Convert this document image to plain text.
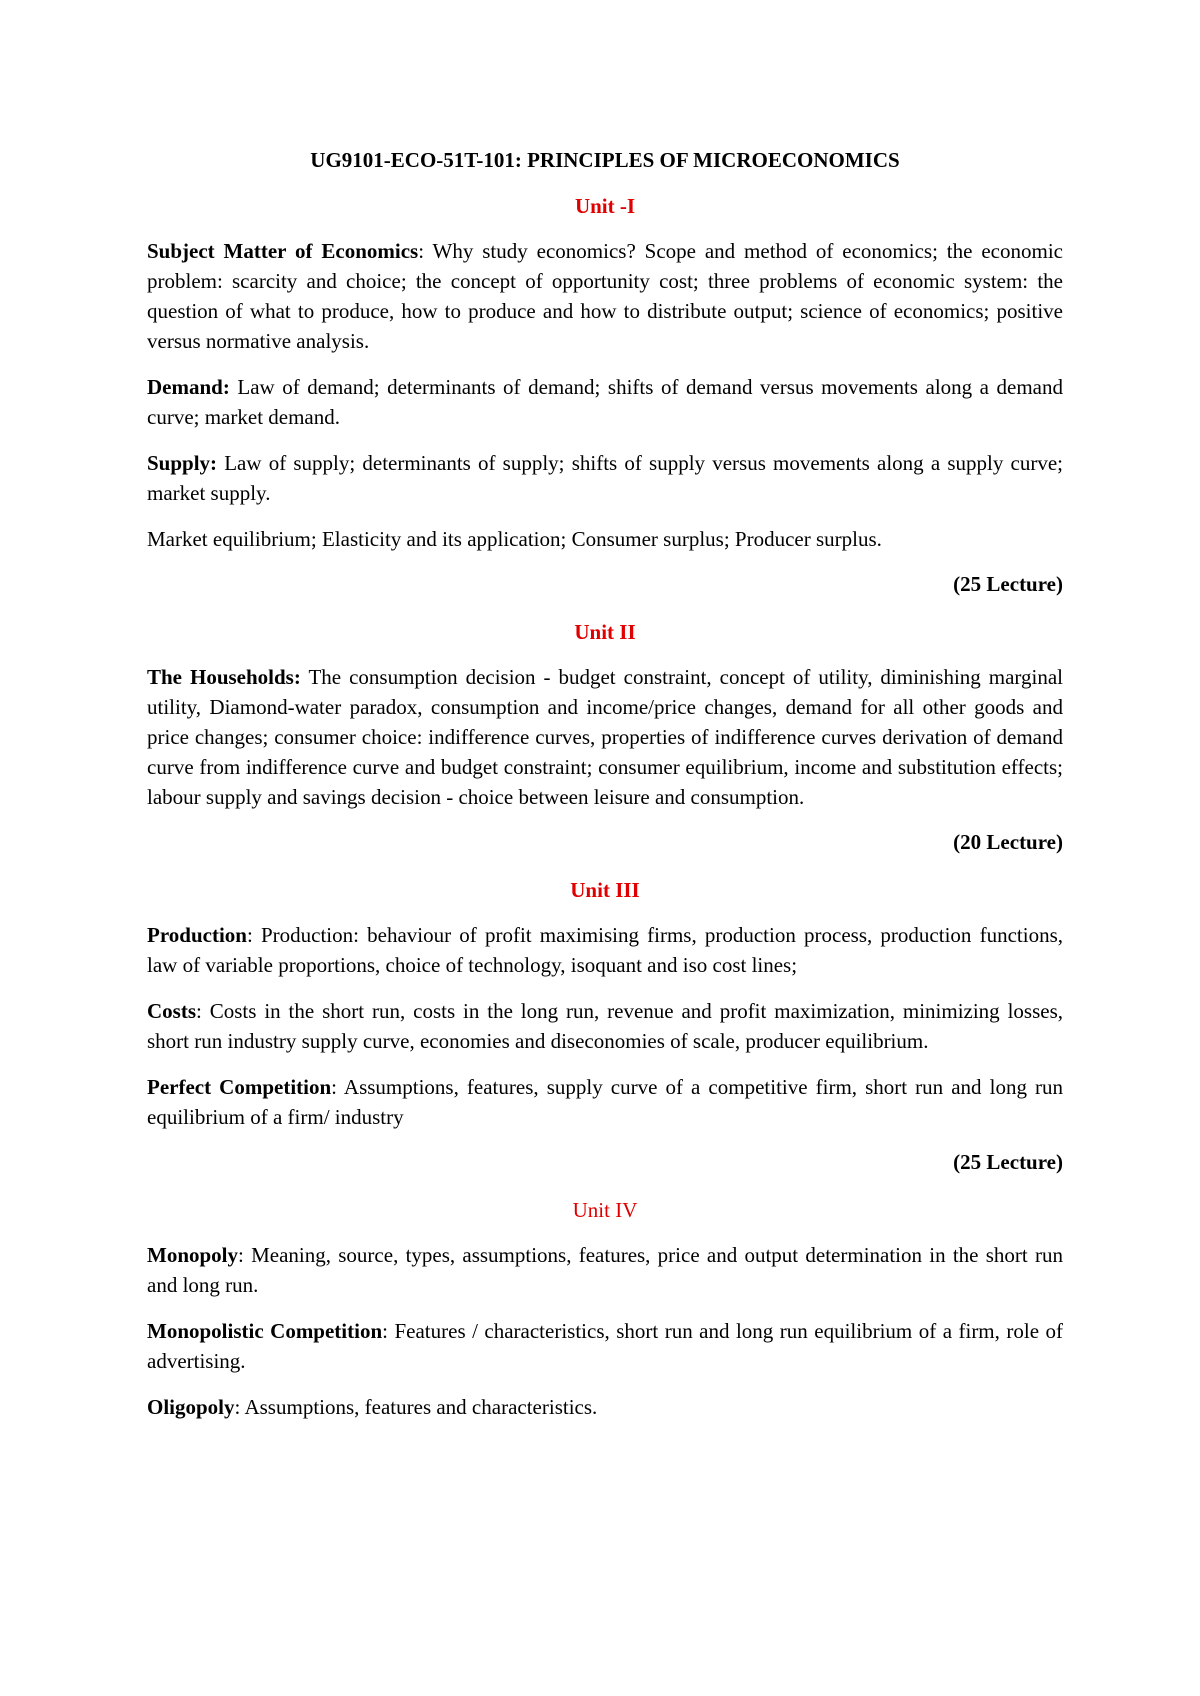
UG9101-ECO-51T-101: PRINCIPLES OF MICROECONOMICS
Unit -I

Subject Matter of Economics: Why study economics? Scope and method of economics; the economic problem: scarcity and choice; the concept of opportunity cost; three problems of economic system: the question of what to produce, how to produce and how to distribute output; science of economics; positive versus normative analysis.

Demand: Law of demand; determinants of demand; shifts of demand versus movements along a demand curve; market demand.

Supply: Law of supply; determinants of supply; shifts of supply versus movements along a supply curve; market supply.

Market equilibrium; Elasticity and its application; Consumer surplus; Producer surplus.

(25 Lecture)
Unit II

The Households: The consumption decision - budget constraint, concept of utility, diminishing marginal utility, Diamond-water paradox, consumption and income/price changes, demand for all other goods and price changes; consumer choice: indifference curves, properties of indifference curves derivation of demand curve from indifference curve and budget constraint; consumer equilibrium, income and substitution effects; labour supply and savings decision - choice between leisure and consumption.

(20 Lecture)
Unit III

Production: Production: behaviour of profit maximising firms, production process, production functions, law of variable proportions, choice of technology, isoquant and iso cost lines;

Costs: Costs in the short run, costs in the long run, revenue and profit maximization, minimizing losses, short run industry supply curve, economies and diseconomies of scale, producer equilibrium.

Perfect Competition: Assumptions, features, supply curve of a competitive firm, short run and long run equilibrium of a firm/ industry

(25 Lecture)
Unit IV

Monopoly: Meaning, source, types, assumptions, features, price and output determination in the short run and long run.

Monopolistic Competition: Features / characteristics, short run and long run equilibrium of a firm, role of advertising.

Oligopoly: Assumptions, features and characteristics.
